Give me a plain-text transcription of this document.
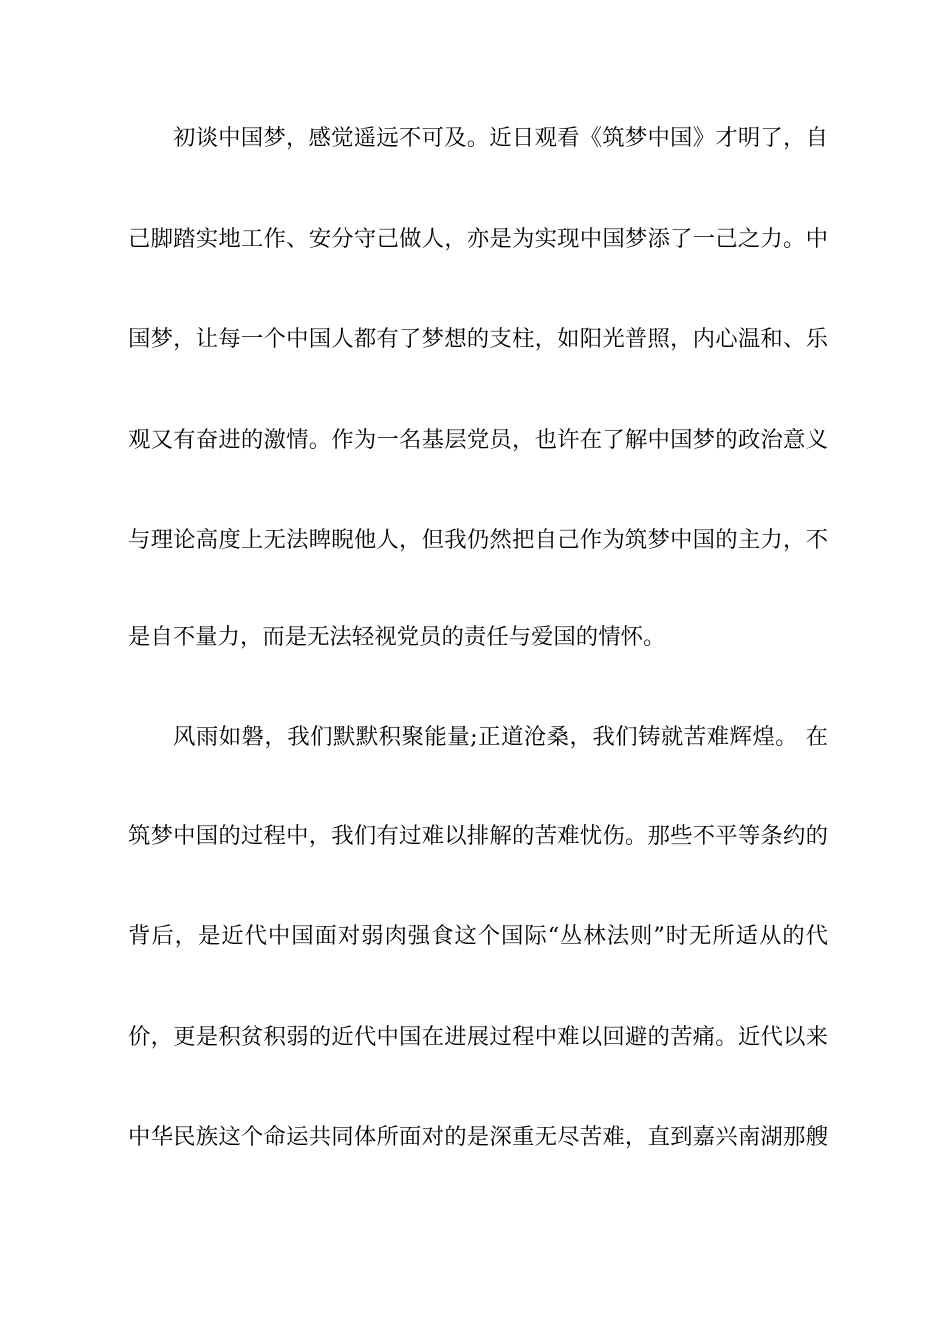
初谈中国梦，感觉遥远不可及。近日观看《筑梦中国》才明了，自
己脚踏实地工作、安分守己做人，亦是为实现中国梦添了一己之力。中
国梦，让每一个中国人都有了梦想的支柱，如阳光普照，内心温和、乐
观又有奋进的激情。作为一名基层党员，也许在了解中国梦的政治意义
与理论高度上无法睥睨他人，但我仍然把自己作为筑梦中国的主力，不
是自不量力，而是无法轻视党员的责任与爱国的情怀。
风雨如磐，我们默默积聚能量;正道沧桑，我们铸就苦难辉煌。 在
筑梦中国的过程中，我们有过难以排解的苦难忧伤。那些不平等条约的
背后，是近代中国面对弱肉强食这个国际“丛林法则”时无所适从的代
价，更是积贫积弱的近代中国在进展过程中难以回避的苦痛。近代以来
中华民族这个命运共同体所面对的是深重无尽苦难，直到嘉兴南湖那艘
